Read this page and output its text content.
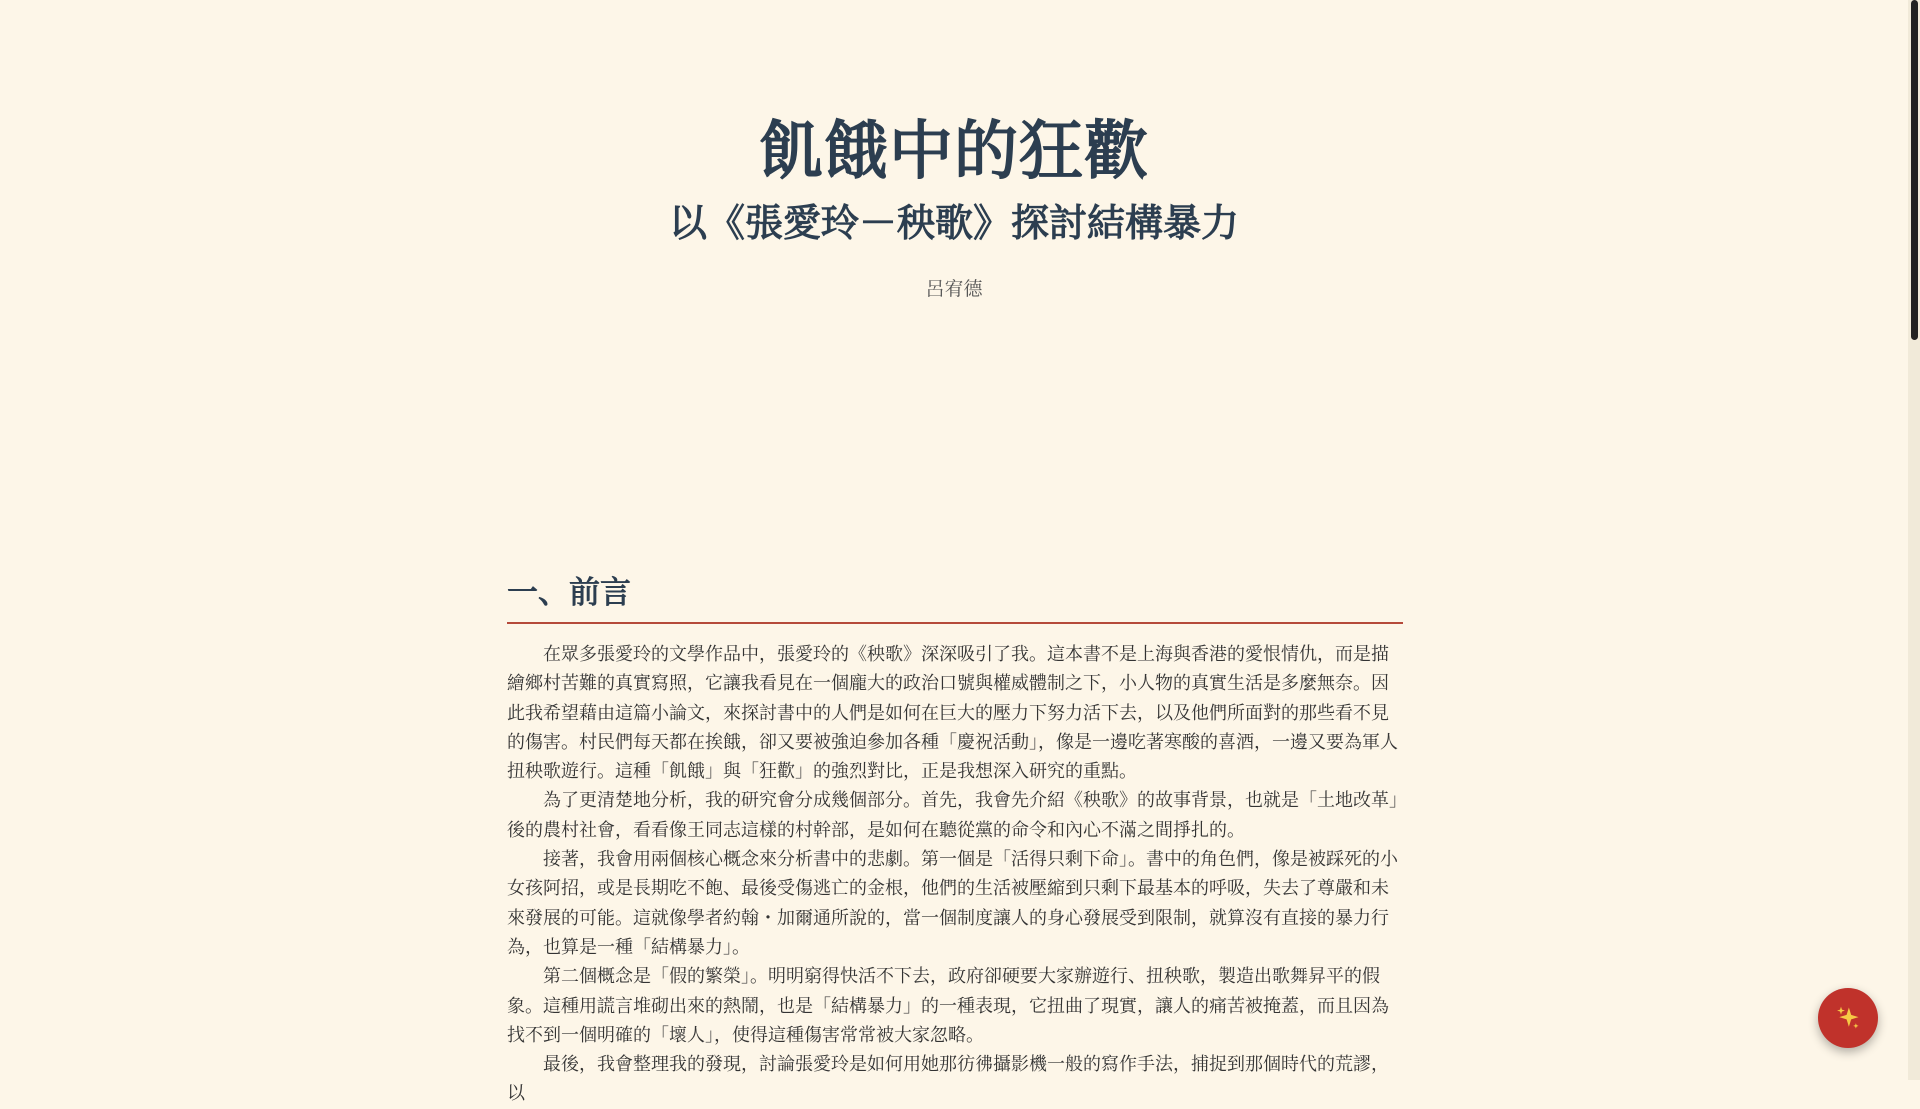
飢餓中的狂歡
以《張愛玲－秧歌》探討結構暴力

呂宥德

一、前言

在眾多張愛玲的文學作品中，張愛玲的《秧歌》深深吸引了我。這本書不是上海與香港的愛恨情仇，而是描繪鄉村苦難的真實寫照，它讓我看見在一個龐大的政治口號與權威體制之下，小人物的真實生活是多麼無奈。因此我希望藉由這篇小論文，來探討書中的人們是如何在巨大的壓力下努力活下去，以及他們所面對的那些看不見的傷害。村民們每天都在挨餓，卻又要被強迫參加各種「慶祝活動」，像是一邊吃著寒酸的喜酒，一邊又要為軍人扭秧歌遊行。這種「飢餓」與「狂歡」的強烈對比，正是我想深入研究的重點。

為了更清楚地分析，我的研究會分成幾個部分。首先，我會先介紹《秧歌》的故事背景，也就是「土地改革」後的農村社會，看看像王同志這樣的村幹部，是如何在聽從黨的命令和內心不滿之間掙扎的。

接著，我會用兩個核心概念來分析書中的悲劇。第一個是「活得只剩下命」。書中的角色們，像是被踩死的小女孩阿招，或是長期吃不飽、最後受傷逃亡的金根，他們的生活被壓縮到只剩下最基本的呼吸，失去了尊嚴和未來發展的可能。這就像學者約翰・加爾通所說的，當一個制度讓人的身心發展受到限制，就算沒有直接的暴力行為，也算是一種「結構暴力」。

第二個概念是「假的繁榮」。明明窮得快活不下去，政府卻硬要大家辦遊行、扭秧歌，製造出歌舞昇平的假象。這種用謊言堆砌出來的熱鬧，也是「結構暴力」的一種表現，它扭曲了現實，讓人的痛苦被掩蓋，而且因為找不到一個明確的「壞人」，使得這種傷害常常被大家忽略。

最後，我會整理我的發現，討論張愛玲是如何用她那彷彿攝影機一般的寫作手法，捕捉到那個時代的荒謬，以
